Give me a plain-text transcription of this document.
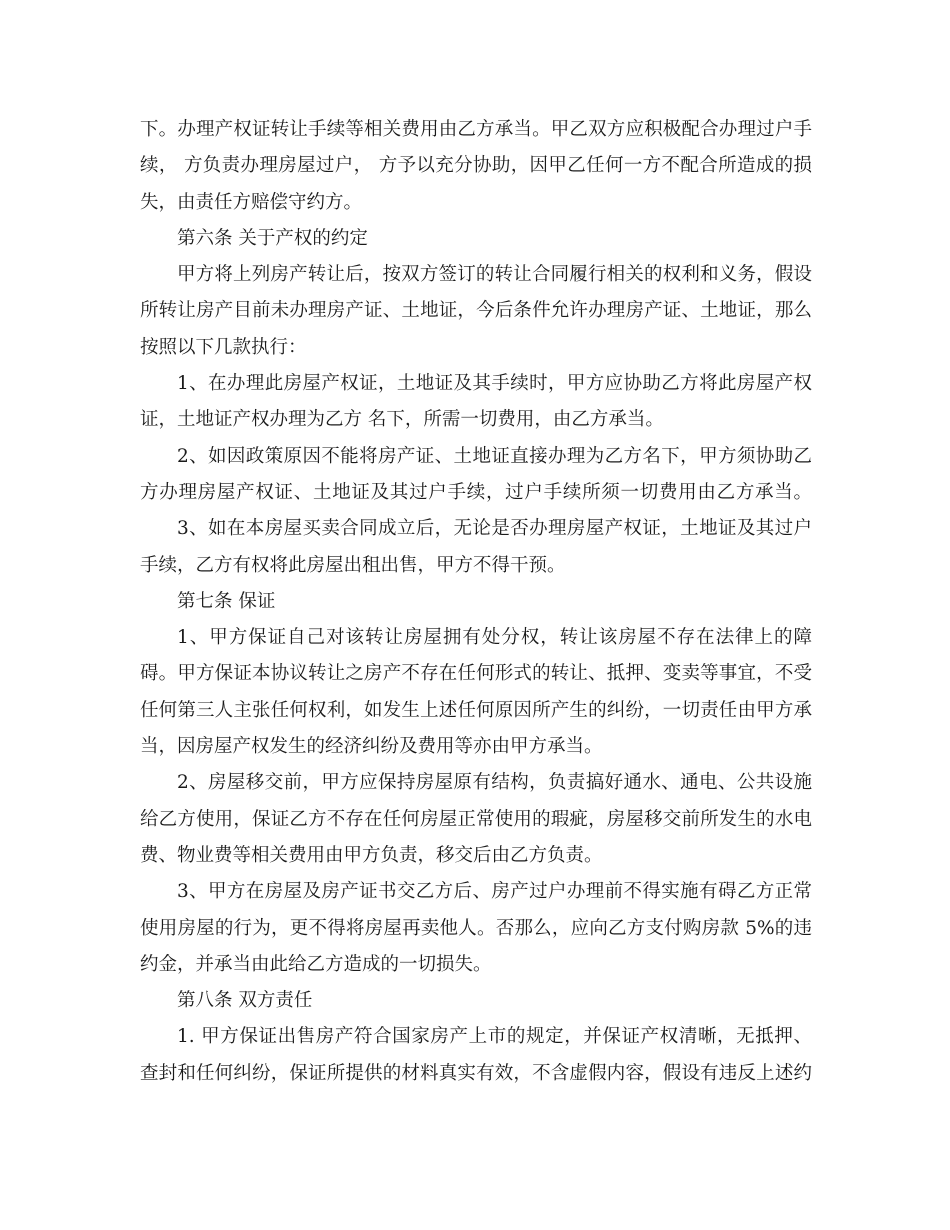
下。办理产权证转让手续等相关费用由乙方承当。甲乙双方应积极配合办理过户手

续， 方负责办理房屋过户， 方予以充分协助，因甲乙任何一方不配合所造成的损

失，由责任方赔偿守约方。

第六条 关于产权的约定

甲方将上列房产转让后，按双方签订的转让合同履行相关的权利和义务，假设

所转让房产目前未办理房产证、土地证，今后条件允许办理房产证、土地证，那么

按照以下几款执行：

1、在办理此房屋产权证，土地证及其手续时，甲方应协助乙方将此房屋产权

证，土地证产权办理为乙方 名下，所需一切费用，由乙方承当。

2、如因政策原因不能将房产证、土地证直接办理为乙方名下，甲方须协助乙

方办理房屋产权证、土地证及其过户手续，过户手续所须一切费用由乙方承当。

3、如在本房屋买卖合同成立后，无论是否办理房屋产权证，土地证及其过户

手续，乙方有权将此房屋出租出售，甲方不得干预。

第七条 保证

1、甲方保证自己对该转让房屋拥有处分权，转让该房屋不存在法律上的障

碍。甲方保证本协议转让之房产不存在任何形式的转让、抵押、变卖等事宜，不受

任何第三人主张任何权利，如发生上述任何原因所产生的纠纷，一切责任由甲方承

当，因房屋产权发生的经济纠纷及费用等亦由甲方承当。

2、房屋移交前，甲方应保持房屋原有结构，负责搞好通水、通电、公共设施

给乙方使用，保证乙方不存在任何房屋正常使用的瑕疵，房屋移交前所发生的水电

费、物业费等相关费用由甲方负责，移交后由乙方负责。

3、甲方在房屋及房产证书交乙方后、房产过户办理前不得实施有碍乙方正常

使用房屋的行为，更不得将房屋再卖他人。否那么，应向乙方支付购房款 5%的违

约金，并承当由此给乙方造成的一切损失。

第八条 双方责任

1. 甲方保证出售房产符合国家房产上市的规定，并保证产权清晰，无抵押、

查封和任何纠纷，保证所提供的材料真实有效，不含虚假内容，假设有违反上述约
